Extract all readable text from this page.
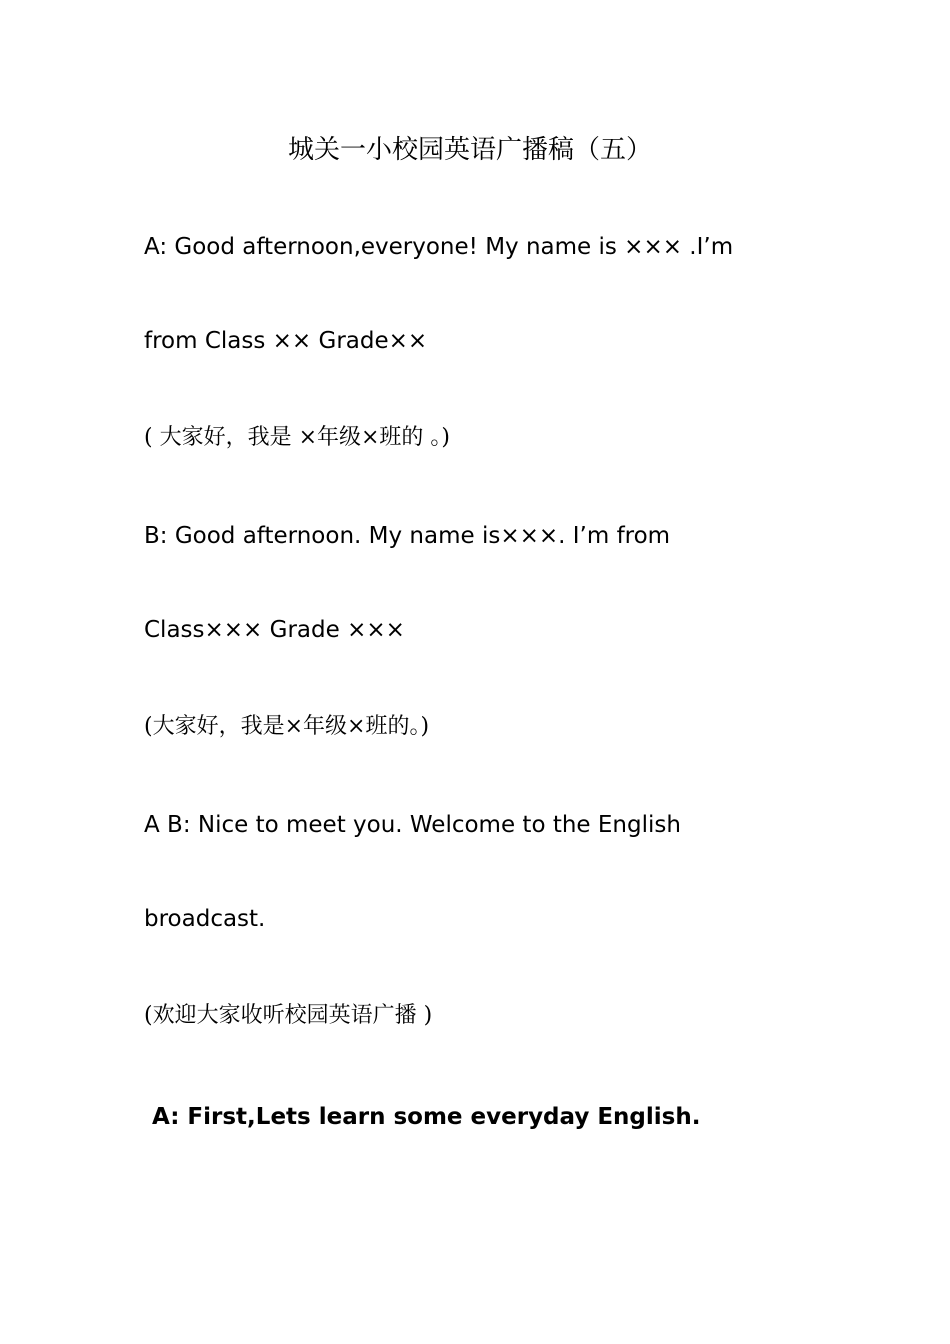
城关一小校园英语广播稿（五）
A: Good afternoon,everyone! My name is ××× .I’m
from Class ×× Grade××
( 大家好，我是 ×年级×班的 。)
B: Good afternoon. My name is×××. I’m from
Class××× Grade ×××
(大家好，我是×年级×班的。)
A B: Nice to meet you. Welcome to the English
broadcast.
(欢迎大家收听校园英语广播 )
A: First,Lets learn some everyday English.
